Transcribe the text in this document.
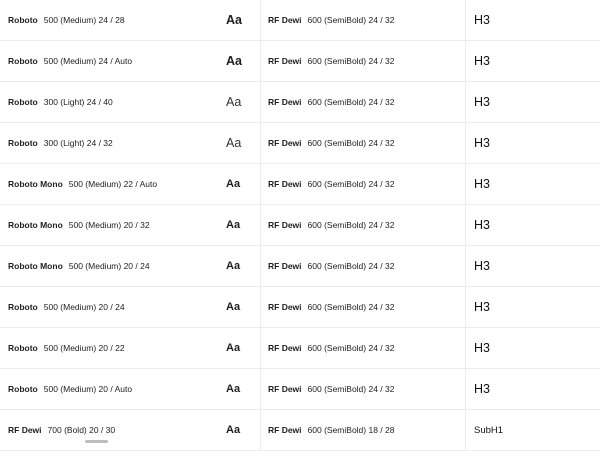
Roboto 500 (Medium) 24 / 28	Aa	RF Dewi 600 (SemiBold) 24 / 32	H3
Roboto 500 (Medium) 24 / Auto	Aa	RF Dewi 600 (SemiBold) 24 / 32	H3
Roboto 300 (Light) 24 / 40	Aa	RF Dewi 600 (SemiBold) 24 / 32	H3
Roboto 300 (Light) 24 / 32	Aa	RF Dewi 600 (SemiBold) 24 / 32	H3
Roboto Mono 500 (Medium) 22 / Auto	Aa	RF Dewi 600 (SemiBold) 24 / 32	H3
Roboto Mono 500 (Medium) 20 / 32	Aa	RF Dewi 600 (SemiBold) 24 / 32	H3
Roboto Mono 500 (Medium) 20 / 24	Aa	RF Dewi 600 (SemiBold) 24 / 32	H3
Roboto 500 (Medium) 20 / 24	Aa	RF Dewi 600 (SemiBold) 24 / 32	H3
Roboto 500 (Medium) 20 / 22	Aa	RF Dewi 600 (SemiBold) 24 / 32	H3
Roboto 500 (Medium) 20 / Auto	Aa	RF Dewi 600 (SemiBold) 24 / 32	H3
RF Dewi 700 (Bold) 20 / 30	Aa	RF Dewi 600 (SemiBold) 18 / 28	SubH1
